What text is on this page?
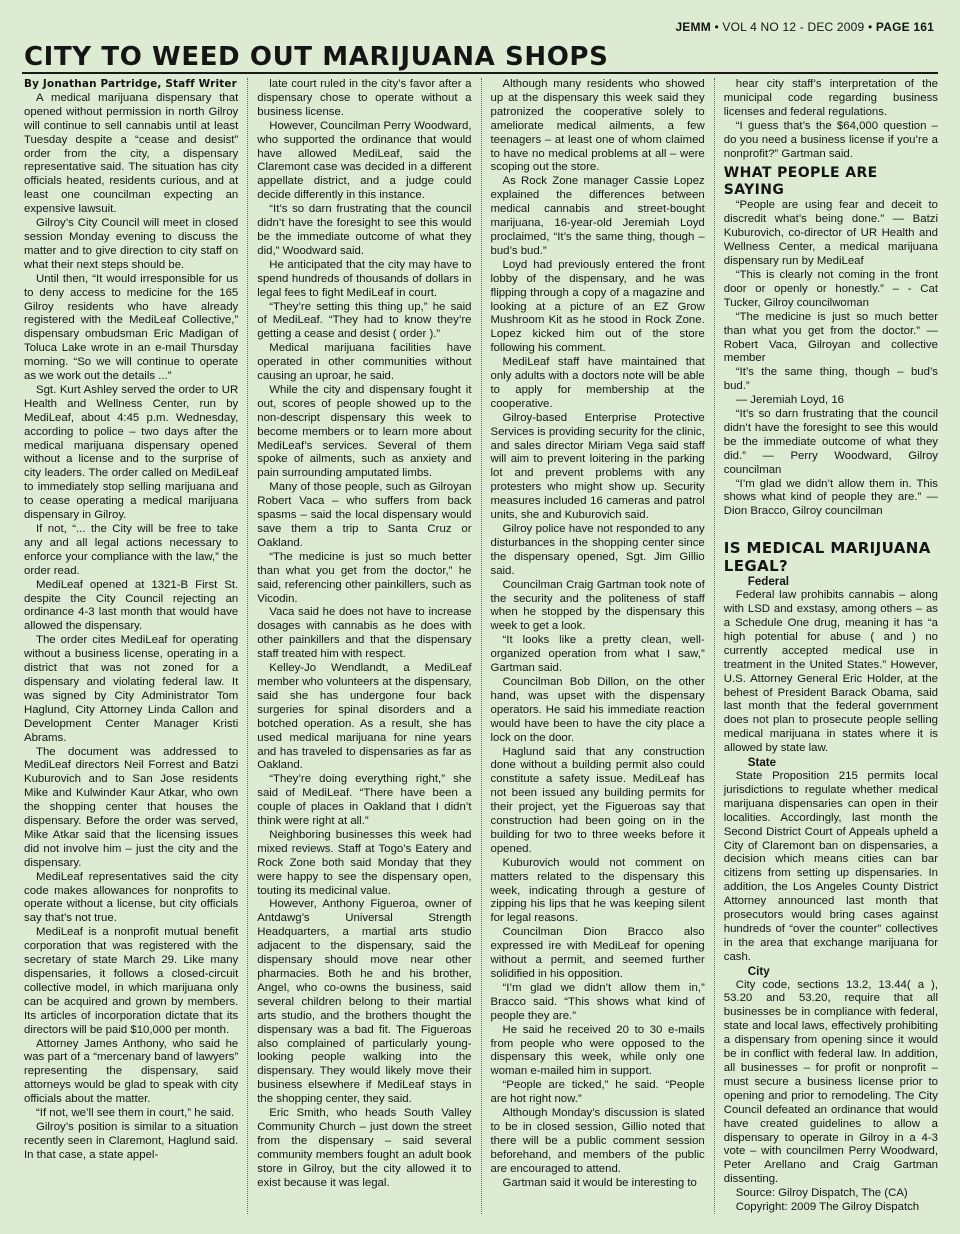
JEMM • VOL 4 NO 12 - DEC 2009 • PAGE 161
CITY TO WEED OUT MARIJUANA SHOPS

By Jonathan Partridge, Staff Writer

A medical marijuana dispensary that opened without permission in north Gilroy will continue to sell cannabis until at least Tuesday despite a “cease and desist” order from the city, a dispensary representative said. The situation has city officials heated, residents curious, and at least one councilman expecting an expensive lawsuit.

Gilroy’s City Council will meet in closed session Monday evening to discuss the matter and to give direction to city staff on what their next steps should be.

Until then, “It would irresponsible for us to deny access to medicine for the 165 Gilroy residents who have already registered with the MediLeaf Collective,” dispensary ombudsman Eric Madigan of Toluca Lake wrote in an e-mail Thursday morning. “So we will continue to operate as we work out the details ...”

Sgt. Kurt Ashley served the order to UR Health and Wellness Center, run by MediLeaf, about 4:45 p.m. Wednesday, according to police – two days after the medical marijuana dispensary opened without a license and to the surprise of city leaders. The order called on MediLeaf to immediately stop selling marijuana and to cease operating a medical marijuana dispensary in Gilroy.

If not, “... the City will be free to take any and all legal actions necessary to enforce your compliance with the law,” the order read.

MediLeaf opened at 1321-B First St. despite the City Council rejecting an ordinance 4-3 last month that would have allowed the dispensary.

The order cites MediLeaf for operating without a business license, operating in a district that was not zoned for a dispensary and violating federal law. It was signed by City Administrator Tom Haglund, City Attorney Linda Callon and Development Center Manager Kristi Abrams.

The document was addressed to MediLeaf directors Neil Forrest and Batzi Kuburovich and to San Jose residents Mike and Kulwinder Kaur Atkar, who own the shopping center that houses the dispensary. Before the order was served, Mike Atkar said that the licensing issues did not involve him – just the city and the dispensary.

MediLeaf representatives said the city code makes allowances for nonprofits to operate without a license, but city officials say that’s not true.

MediLeaf is a nonprofit mutual benefit corporation that was registered with the secretary of state March 29. Like many dispensaries, it follows a closed-circuit collective model, in which marijuana only can be acquired and grown by members. Its articles of incorporation dictate that its directors will be paid $10,000 per month.

Attorney James Anthony, who said he was part of a “mercenary band of lawyers” representing the dispensary, said attorneys would be glad to speak with city officials about the matter.

“If not, we’ll see them in court,” he said.

Gilroy’s position is similar to a situation recently seen in Claremont, Haglund said. In that case, a state appel-

late court ruled in the city’s favor after a dispensary chose to operate without a business license.

However, Councilman Perry Woodward, who supported the ordinance that would have allowed MediLeaf, said the Claremont case was decided in a different appellate district, and a judge could decide differently in this instance.

“It’s so darn frustrating that the council didn’t have the foresight to see this would be the immediate outcome of what they did,” Woodward said.

He anticipated that the city may have to spend hundreds of thousands of dollars in legal fees to fight MediLeaf in court.

“They’re setting this thing up,” he said of MediLeaf. “They had to know they’re getting a cease and desist ( order ).”

Medical marijuana facilities have operated in other communities without causing an uproar, he said.

While the city and dispensary fought it out, scores of people showed up to the non-descript dispensary this week to become members or to learn more about MediLeaf’s services. Several of them spoke of ailments, such as anxiety and pain surrounding amputated limbs.

Many of those people, such as Gilroyan Robert Vaca – who suffers from back spasms – said the local dispensary would save them a trip to Santa Cruz or Oakland.

“The medicine is just so much better than what you get from the doctor,” he said, referencing other painkillers, such as Vicodin.

Vaca said he does not have to increase dosages with cannabis as he does with other painkillers and that the dispensary staff treated him with respect.

Kelley-Jo Wendlandt, a MediLeaf member who volunteers at the dispensary, said she has undergone four back surgeries for spinal disorders and a botched operation. As a result, she has used medical marijuana for nine years and has traveled to dispensaries as far as Oakland.

“They’re doing everything right,” she said of MediLeaf. “There have been a couple of places in Oakland that I didn’t think were right at all.”

Neighboring businesses this week had mixed reviews. Staff at Togo’s Eatery and Rock Zone both said Monday that they were happy to see the dispensary open, touting its medicinal value.

However, Anthony Figueroa, owner of Antdawg’s Universal Strength Headquarters, a martial arts studio adjacent to the dispensary, said the dispensary should move near other pharmacies. Both he and his brother, Angel, who co-owns the business, said several children belong to their martial arts studio, and the brothers thought the dispensary was a bad fit. The Figueroas also complained of particularly young-looking people walking into the dispensary. They would likely move their business elsewhere if MediLeaf stays in the shopping center, they said.

Eric Smith, who heads South Valley Community Church – just down the street from the dispensary – said several community members fought an adult book store in Gilroy, but the city allowed it to exist because it was legal.

Although many residents who showed up at the dispensary this week said they patronized the cooperative solely to ameliorate medical ailments, a few teenagers – at least one of whom claimed to have no medical problems at all – were scoping out the store.

As Rock Zone manager Cassie Lopez explained the differences between medical cannabis and street-bought marijuana, 16-year-old Jeremiah Loyd proclaimed, “It’s the same thing, though – bud’s bud.”

Loyd had previously entered the front lobby of the dispensary, and he was flipping through a copy of a magazine and looking at a picture of an EZ Grow Mushroom Kit as he stood in Rock Zone. Lopez kicked him out of the store following his comment.

MediLeaf staff have maintained that only adults with a doctors note will be able to apply for membership at the cooperative.

Gilroy-based Enterprise Protective Services is providing security for the clinic, and sales director Miriam Vega said staff will aim to prevent loitering in the parking lot and prevent problems with any protesters who might show up. Security measures included 16 cameras and patrol units, she and Kuburovich said.

Gilroy police have not responded to any disturbances in the shopping center since the dispensary opened, Sgt. Jim Gillio said.

Councilman Craig Gartman took note of the security and the politeness of staff when he stopped by the dispensary this week to get a look.

“It looks like a pretty clean, well-organized operation from what I saw,” Gartman said.

Councilman Bob Dillon, on the other hand, was upset with the dispensary operators. He said his immediate reaction would have been to have the city place a lock on the door.

Haglund said that any construction done without a building permit also could constitute a safety issue. MediLeaf has not been issued any building permits for their project, yet the Figueroas say that construction had been going on in the building for two to three weeks before it opened.

Kuburovich would not comment on matters related to the dispensary this week, indicating through a gesture of zipping his lips that he was keeping silent for legal reasons.

Councilman Dion Bracco also expressed ire with MediLeaf for opening without a permit, and seemed further solidified in his opposition.

“I’m glad we didn’t allow them in,” Bracco said. “This shows what kind of people they are.”

He said he received 20 to 30 e-mails from people who were opposed to the dispensary this week, while only one woman e-mailed him in support.

“People are ticked,” he said. “People are hot right now.”

Although Monday’s discussion is slated to be in closed session, Gillio noted that there will be a public comment session beforehand, and members of the public are encouraged to attend.

Gartman said it would be interesting to

hear city staff’s interpretation of the municipal code regarding business licenses and federal regulations.

“I guess that’s the $64,000 question – do you need a business license if you’re a nonprofit?” Gartman said.

WHAT PEOPLE ARE SAYING

“People are using fear and deceit to discredit what’s being done.” — Batzi Kuburovich, co-director of UR Health and Wellness Center, a medical marijuana dispensary run by MediLeaf

“This is clearly not coming in the front door or openly or honestly.” – - Cat Tucker, Gilroy councilwoman

“The medicine is just so much better than what you get from the doctor.” — Robert Vaca, Gilroyan and collective member

“It’s the same thing, though – bud’s bud.”

— Jeremiah Loyd, 16

“It’s so darn frustrating that the council didn’t have the foresight to see this would be the immediate outcome of what they did.” — Perry Woodward, Gilroy councilman

“I’m glad we didn’t allow them in. This shows what kind of people they are.” — Dion Bracco, Gilroy councilman

IS MEDICAL MARIJUANA LEGAL?

Federal

Federal law prohibits cannabis – along with LSD and exstasy, among others – as a Schedule One drug, meaning it has “a high potential for abuse ( and ) no currently accepted medical use in treatment in the United States.” However, U.S. Attorney General Eric Holder, at the behest of President Barack Obama, said last month that the federal government does not plan to prosecute people selling medical marijuana in states where it is allowed by state law.

State

State Proposition 215 permits local jurisdictions to regulate whether medical marijuana dispensaries can open in their localities. Accordingly, last month the Second District Court of Appeals upheld a City of Claremont ban on dispensaries, a decision which means cities can bar citizens from setting up dispensaries. In addition, the Los Angeles County District Attorney announced last month that prosecutors would bring cases against hundreds of “over the counter” collectives in the area that exchange marijuana for cash.

City

City code, sections 13.2, 13.44( a ), 53.20 and 53.20, require that all businesses be in compliance with federal, state and local laws, effectively prohibiting a dispensary from opening since it would be in conflict with federal law. In addition, all businesses – for profit or nonprofit – must secure a business license prior to opening and prior to remodeling. The City Council defeated an ordinance that would have created guidelines to allow a dispensary to operate in Gilroy in a 4-3 vote – with councilmen Perry Woodward, Peter Arellano and Craig Gartman dissenting.

Source: Gilroy Dispatch, The (CA)

Copyright: 2009 The Gilroy Dispatch
